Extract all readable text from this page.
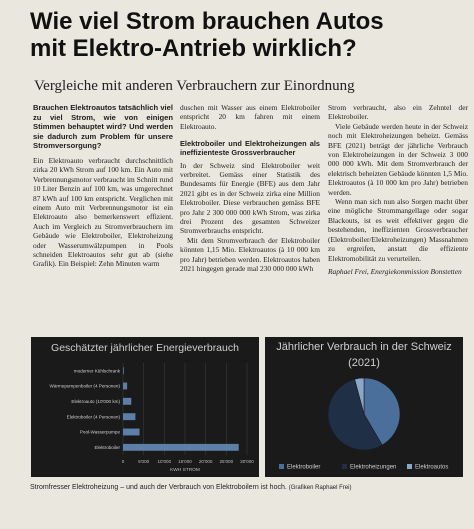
Wie viel Strom brauchen Autos
mit Elektro-Antrieb wirklich?
Vergleiche mit anderen Verbrauchern zur Einordnung

Brauchen Elektroautos tatsächlich viel zu viel Strom, wie von einigen Stimmen behauptet wird? Und werden sie dadurch zum Problem für unsere Stromversorgung?

Ein Elektroauto verbraucht durchschnittlich zirka 20 kWh Strom auf 100 km. Ein Auto mit Verbrennungsmotor verbraucht im Schnitt rund 10 Liter Benzin auf 100 km, was umgerechnet 87 kWh auf 100 km entspricht. Verglichen mit einem Auto mit Verbrennungsmotor ist ein Elektroauto also bemerkenswert effizient. Auch im Vergleich zu Stromverbrauchern im Gebäude wie Elektroboiler, Elektroheizung oder Wasserumwälzpumpen in Pools schneiden Elektroautos sehr gut ab (siehe Grafik). Ein Beispiel: Zehn Minuten warm

duschen mit Wasser aus einem Elektroboiler entspricht 20 km fahren mit einem Elektroauto.

Elektroboiler und Elektroheizungen als ineffizienteste Grossverbraucher

In der Schweiz sind Elektroboiler weit verbreitet. Gemäss einer Statistik des Bundesamts für Energie (BFE) aus dem Jahr 2021 gibt es in der Schweiz zirka eine Million Elektroboiler. Diese verbrauchen gemäss BFE pro Jahr 2 300 000 000 kWh Strom, was zirka drei Prozent des gesamten Schweizer Stromverbrauchs entspricht.

Mit dem Stromverbrauch der Elektroboiler könnten 1,15 Mio. Elektroautos (à 10 000 km pro Jahr) betrieben werden. Elektroautos haben 2021 hingegen gerade mal 230 000 000 kWh

Strom verbraucht, also ein Zehntel der Elektroboiler.

Viele Gebäude werden heute in der Schweiz noch mit Elektroheizungen beheizt. Gemäss BFE (2021) beträgt der jährliche Verbrauch von Elektroheizungen in der Schweiz 3 000 000 000 kWh. Mit dem Stromverbrauch der elektrisch beheizten Gebäude könnten 1,5 Mio. Elektroautos (à 10 000 km pro Jahr) betrieben werden.

Wenn man sich nun also Sorgen macht über eine mögliche Strommangellage oder sogar Blackouts, ist es weit effektiver gegen die bestehenden, ineffizienten Grossverbraucher (Elektroboiler/Elektroheizungen) Massnahmen zu ergreifen, anstatt die effiziente Elektromobilität zu verurteilen.

Raphael Frei, Energiekommission Bonstetten

Geschätzter jährlicher Energieverbrauch
0	5'000 10'000 15'000 20'000 25'000 30'000
Elektroboiler
Pool-Wasserpumpe
Elektroboiler (4 Personen)
Elektroauto (10'000 km)
Wärmepumpenboiler (4 Personen)
moderner Kühlschrank
KWH STROM
Jährlicher Verbrauch in der Schweiz
(2021)
Elektroboiler	Elektroheizungen	Elektroautos
Stromfresser Elektroheizung – und auch der Verbrauch von Elektroboilern ist hoch. (Grafiken Raphael Frei)
